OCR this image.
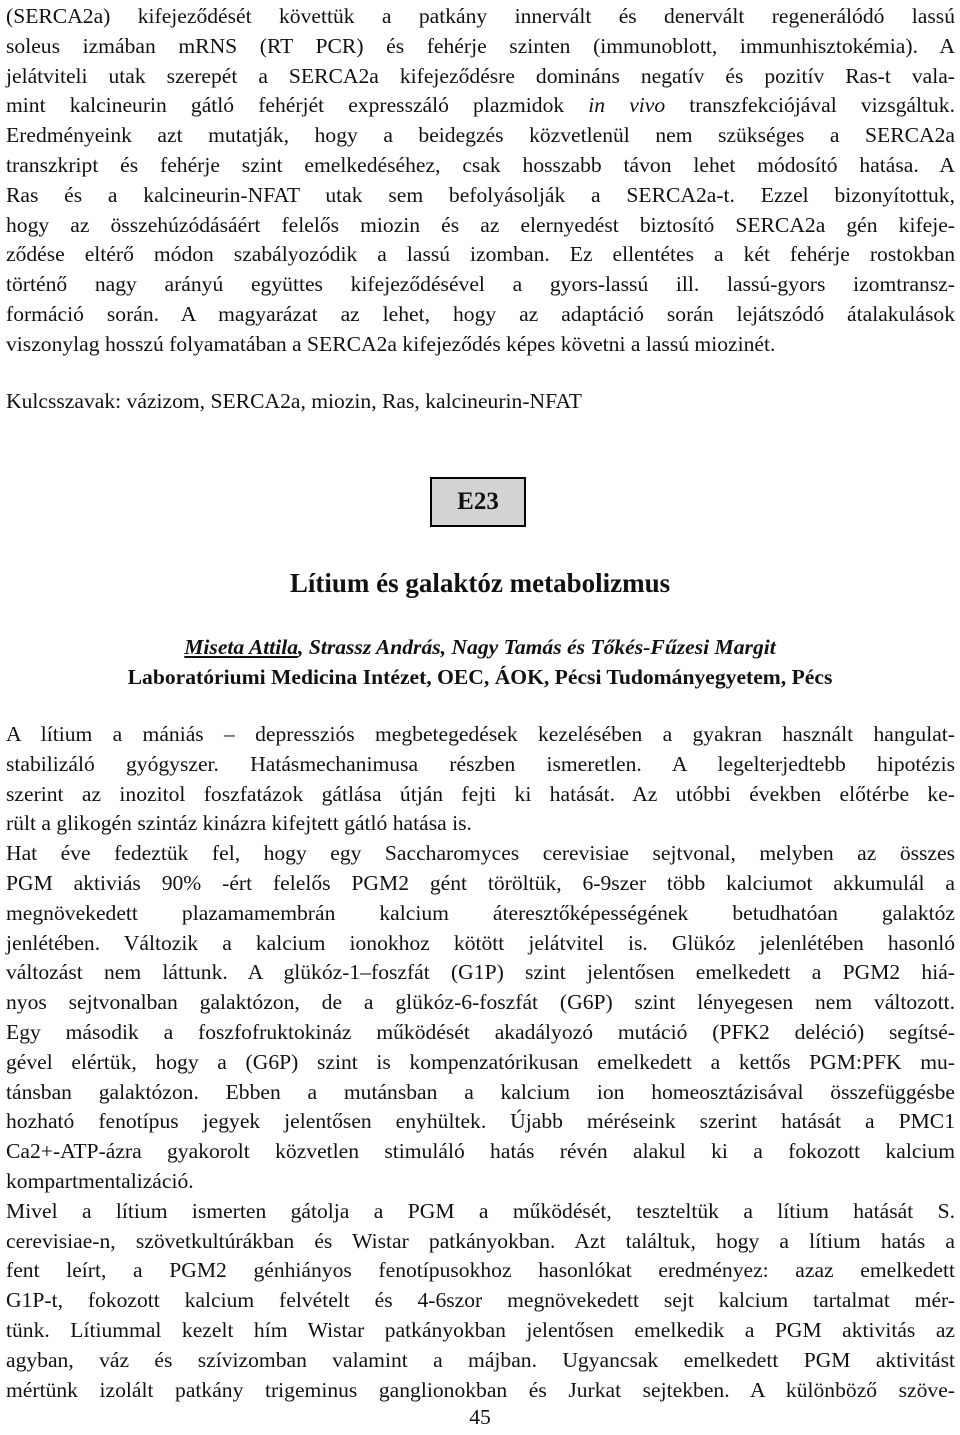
(SERCA2a) kifejeződését követtük a patkány innervált és denervált regenerálódó lassú
soleus izmában mRNS (RT PCR) és fehérje szinten (immunoblott, immunhisztokémia). A
jelátviteli utak szerepét a SERCA2a kifejeződésre domináns negatív és pozitív Ras-t vala-
mint kalcineurin gátló fehérjét expresszáló plazmidok in vivo transzfekciójával vizsgáltuk.
Eredményeink azt mutatják, hogy a beidegzés közvetlenül nem szükséges a SERCA2a
transzkript és fehérje szint emelkedéséhez, csak hosszabb távon lehet módosító hatása. A
Ras és a kalcineurin-NFAT utak sem befolyásolják a SERCA2a-t. Ezzel bizonyítottuk,
hogy az összehúzódásáért felelős miozin és az elernyedést biztosító SERCA2a gén kifeje-
ződése eltérő módon szabályozódik a lassú izomban. Ez ellentétes a két fehérje rostokban
történő nagy arányú együttes kifejeződésével a gyors-lassú ill. lassú-gyors izomtransz-
formáció során. A magyarázat az lehet, hogy az adaptáció során lejátszódó átalakulások
viszonylag hosszú folyamatában a SERCA2a kifejeződés képes követni a lassú miozinét.
Kulcsszavak: vázizom, SERCA2a, miozin, Ras, kalcineurin-NFAT
E23
Lítium és galaktóz metabolizmus
Miseta Attila, Strassz András, Nagy Tamás és Tőkés-Fűzesi Margit
Laboratóriumi Medicina Intézet, OEC, ÁOK, Pécsi Tudományegyetem, Pécs
A lítium a mániás – depressziós megbetegedések kezelésében a gyakran használt hangulat-
stabilizáló gyógyszer. Hatásmechanimusa részben ismeretlen. A legelterjedtebb hipotézis
szerint az inozitol foszfatázok gátlása útján fejti ki hatását. Az utóbbi években előtérbe ke-
rült a glikogén szintáz kinázra kifejtett gátló hatása is.
Hat éve fedeztük fel, hogy egy Saccharomyces cerevisiae sejtvonal, melyben az összes
PGM aktiviás 90% -ért felelős PGM2 gént töröltük, 6-9szer több kalciumot akkumulál a
megnövekedett plazamamembrán kalcium áteresztőképességének betudhatóan galaktóz
jenlétében. Változik a kalcium ionokhoz kötött jelátvitel is. Glükóz jelenlétében hasonló
változást nem láttunk. A glükóz-1–foszfát (G1P) szint jelentősen emelkedett a PGM2 hiá-
nyos sejtvonalban galaktózon, de a glükóz-6-foszfát (G6P) szint lényegesen nem változott.
Egy második a foszfofruktokináz működését akadályozó mutáció (PFK2 deléció) segítsé-
gével elértük, hogy a (G6P) szint is kompenzatórikusan emelkedett a kettős PGM:PFK mu-
tánsban galaktózon. Ebben a mutánsban a kalcium ion homeosztázisával összefüggésbe
hozható fenotípus jegyek jelentősen enyhültek. Újabb méréseink szerint hatását a PMC1
Ca2+-ATP-ázra gyakorolt közvetlen stimuláló hatás révén alakul ki a fokozott kalcium
kompartmentalizáció.
Mivel a lítium ismerten gátolja a PGM a működését, teszteltük a lítium hatását S.
cerevisiae-n, szövetkultúrákban és Wistar patkányokban. Azt találtuk, hogy a lítium hatás a
fent leírt, a PGM2 génhiányos fenotípusokhoz hasonlókat eredményez: azaz emelkedett
G1P-t, fokozott kalcium felvételt és 4-6szor megnövekedett sejt kalcium tartalmat mér-
tünk. Lítiummal kezelt hím Wistar patkányokban jelentősen emelkedik a PGM aktivitás az
agyban, váz és szívizomban valamint a májban. Ugyancsak emelkedett PGM aktivitást
mértünk izolált patkány trigeminus ganglionokban és Jurkat sejtekben. A különböző szöve-
45
